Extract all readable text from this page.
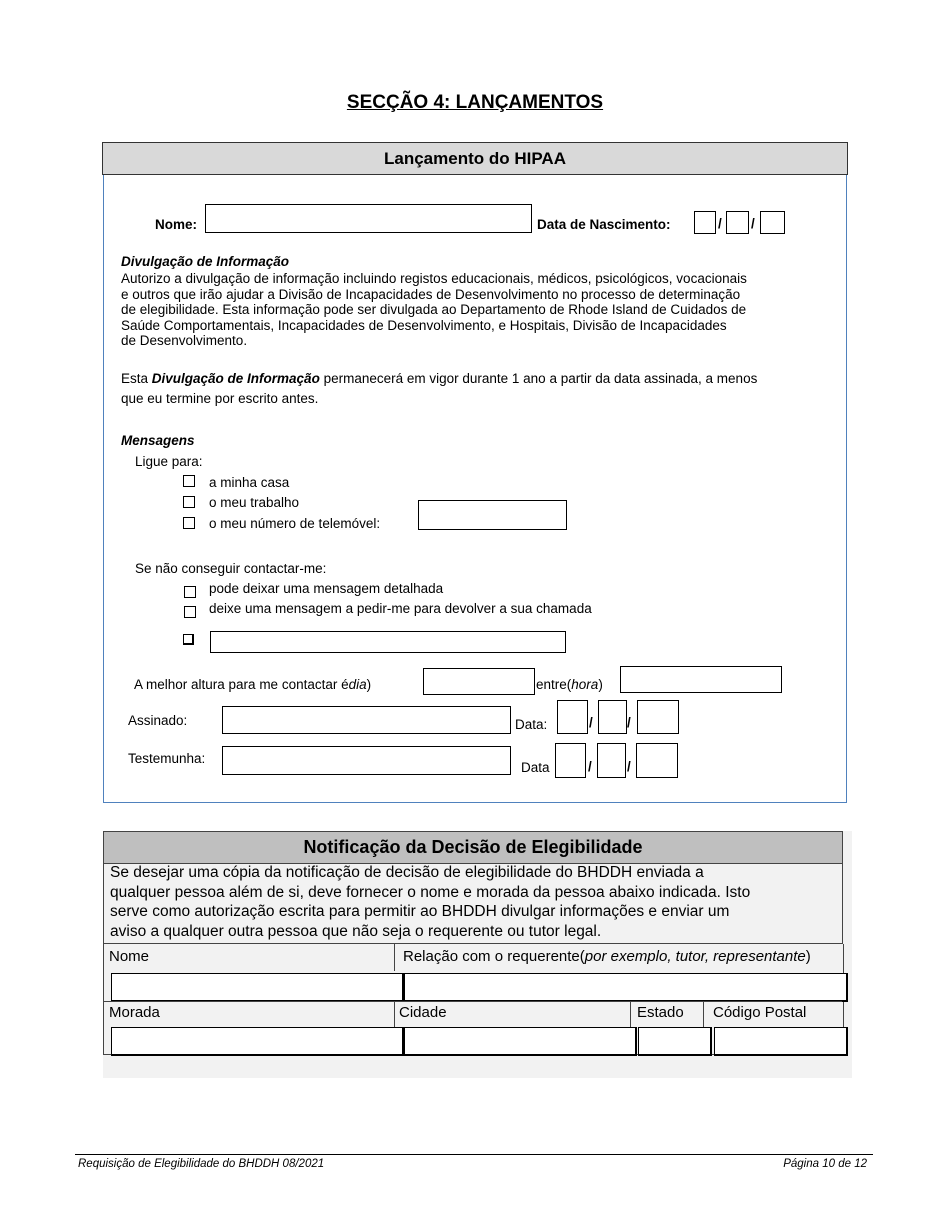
SECÇÃO 4: LANÇAMENTOS
Lançamento do HIPAA
Nome:	Data de Nascimento:	/ /
Divulgação de Informação
Autorizo a divulgação de informação incluindo registos educacionais, médicos, psicológicos, vocacionais
e outros que irão ajudar a Divisão de Incapacidades de Desenvolvimento no processo de determinação
de elegibilidade. Esta informação pode ser divulgada ao Departamento de Rhode Island de Cuidados de
Saúde Comportamentais, Incapacidades de Desenvolvimento, e Hospitais, Divisão de Incapacidades
de Desenvolvimento.
Esta Divulgação de Informação permanecerá em vigor durante 1 ano a partir da data assinada, a menos
que eu termine por escrito antes.
Mensagens
Ligue para:
a minha casa
o meu trabalho
o meu número de telemóvel:
Se não conseguir contactar-me:
pode deixar uma mensagem detalhada
deixe uma mensagem a pedir-me para devolver a sua chamada
A melhor altura para me contactar édia)	entre(hora)
Assinado:	Data:	/	/
Testemunha:
Data	/	/
Notificação da Decisão de Elegibilidade
Se desejar uma cópia da notificação de decisão de elegibilidade do BHDDH enviada a
qualquer pessoa além de si, deve fornecer o nome e morada da pessoa abaixo indicada. Isto
serve como autorização escrita para permitir ao BHDDH divulgar informações e enviar um
aviso a qualquer outra pessoa que não seja o requerente ou tutor legal.
Nome	Relação com o requerente(por exemplo, tutor, representante)
Morada	Cidade	Estado Código Postal
Requisição de Elegibilidade do BHDDH 08/2021	Página 10 de 12
